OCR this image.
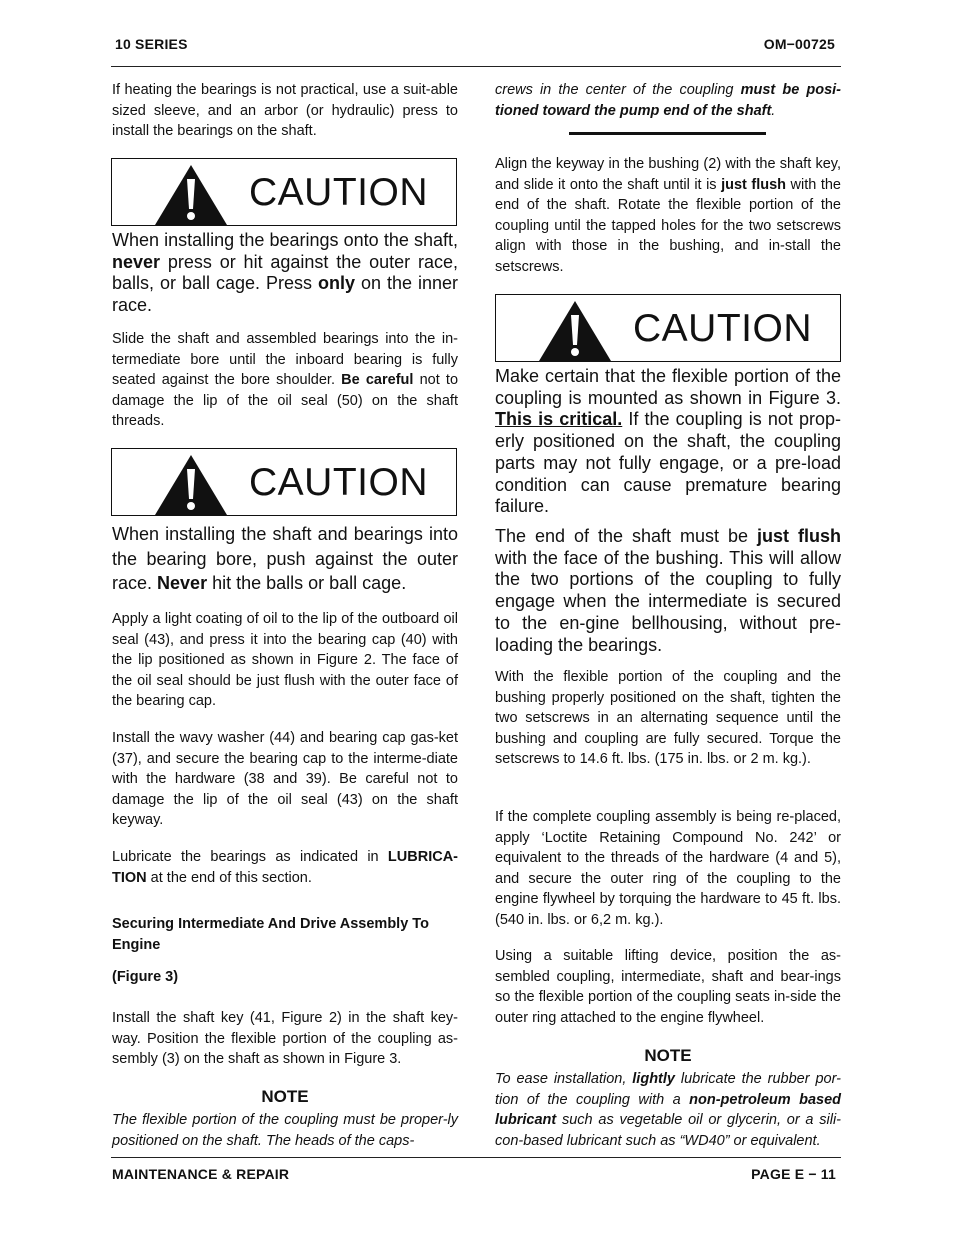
10 SERIES	OM−00725

If heating the bearings is not practical, use a suit-able sized sleeve, and an arbor (or hydraulic) press to install the bearings on the shaft.

CAUTION

When installing the bearings onto the shaft, never press or hit against the outer race, balls, or ball cage. Press only on the inner race.

Slide the shaft and assembled bearings into the in-termediate bore until the inboard bearing is fully seated against the bore shoulder. Be careful not to damage the lip of the oil seal (50) on the shaft threads.

CAUTION

When installing the shaft and bearings into the bearing bore, push against the outer race. Never hit the balls or ball cage.

Apply a light coating of oil to the lip of the outboard oil seal (43), and press it into the bearing cap (40) with the lip positioned as shown in Figure 2. The face of the oil seal should be just flush with the outer face of the bearing cap.

Install the wavy washer (44) and bearing cap gas-ket (37), and secure the bearing cap to the interme-diate with the hardware (38 and 39). Be careful not to damage the lip of the oil seal (43) on the shaft keyway.

Lubricate the bearings as indicated in LUBRICA-TION at the end of this section.

Securing Intermediate And Drive Assembly To Engine

(Figure 3)

Install the shaft key (41, Figure 2) in the shaft key-way. Position the flexible portion of the coupling as-sembly (3) on the shaft as shown in Figure 3.

NOTE

The flexible portion of the coupling must be proper-ly positioned on the shaft. The heads of the caps-

crews in the center of the coupling must be posi-tioned toward the pump end of the shaft.

Align the keyway in the bushing (2) with the shaft key, and slide it onto the shaft until it is just flush with the end of the shaft. Rotate the flexible portion of the coupling until the tapped holes for the two setscrews align with those in the bushing, and in-stall the setscrews.

CAUTION

Make certain that the flexible portion of the coupling is mounted as shown in Figure 3. This is critical. If the coupling is not prop-erly positioned on the shaft, the coupling parts may not fully engage, or a pre-load condition can cause premature bearing failure.

The end of the shaft must be just flush with the face of the bushing. This will allow the two portions of the coupling to fully engage when the intermediate is secured to the en-gine bellhousing, without pre-loading the bearings.

With the flexible portion of the coupling and the bushing properly positioned on the shaft, tighten the two setscrews in an alternating sequence until the bushing and coupling are fully secured. Torque the setscrews to 14.6 ft. lbs. (175 in. lbs. or 2 m. kg.).

If the complete coupling assembly is being re-placed, apply ‘Loctite Retaining Compound No. 242’ or equivalent to the threads of the hardware (4 and 5), and secure the outer ring of the coupling to the engine flywheel by torquing the hardware to 45 ft. lbs. (540 in. lbs. or 6,2 m. kg.).

Using a suitable lifting device, position the as-sembled coupling, intermediate, shaft and bear-ings so the flexible portion of the coupling seats in-side the outer ring attached to the engine flywheel.

NOTE

To ease installation, lightly lubricate the rubber por-tion of the coupling with a non-petroleum based lubricant such as vegetable oil or glycerin, or a sili-con-based lubricant such as “WD40” or equivalent.

MAINTENANCE & REPAIR	PAGE E − 11
